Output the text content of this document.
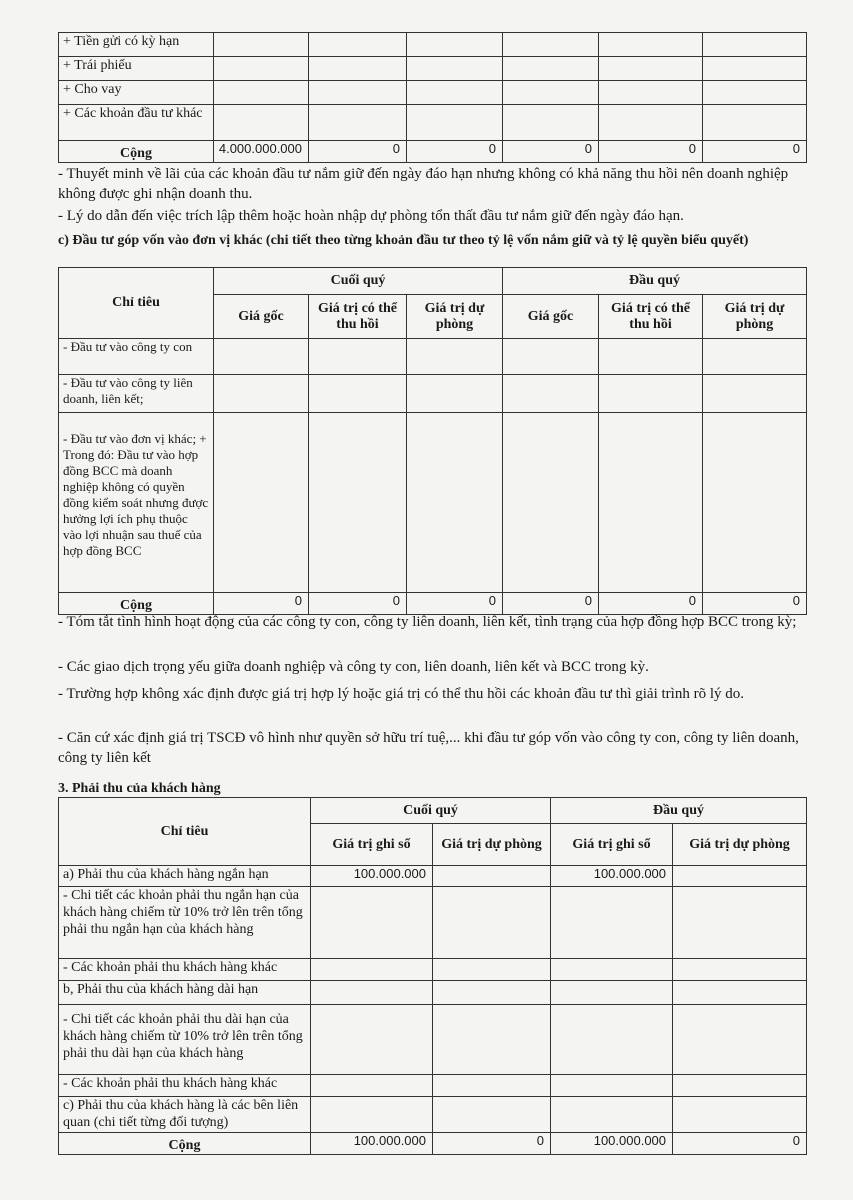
+ Tiền gửi có kỳ hạn						
+ Trái phiếu						
+ Cho vay						
+ Các khoản đầu tư khác						
Cộng	4.000.000.000	0	0	0	0	0

- Thuyết minh về lãi của các khoản đầu tư nắm giữ đến ngày đáo hạn nhưng không có khả năng thu hồi nên doanh nghiệp không được ghi nhận doanh thu.

- Lý do dẫn đến việc trích lập thêm hoặc hoàn nhập dự phòng tổn thất đầu tư nắm giữ đến ngày đáo hạn.

c) Đầu tư góp vốn vào đơn vị khác (chi tiết theo từng khoản đầu tư theo tỷ lệ vốn nắm giữ và tỷ lệ quyền biểu quyết)

Chỉ tiêu	Cuối quý			Đầu quý		
	Giá gốc	Giá trị có thể thu hồi	Giá trị dự phòng	Giá gốc	Giá trị có thể thu hồi	Giá trị dự phòng
- Đầu tư vào công ty con						
- Đầu tư vào công ty liên doanh, liên kết;						
- Đầu tư vào đơn vị khác; + Trong đó: Đầu tư vào hợp đồng BCC mà doanh nghiệp không có quyền đồng kiểm soát nhưng được hưởng lợi ích phụ thuộc vào lợi nhuận sau thuế của hợp đồng BCC						
Cộng	0	0	0	0	0	0

- Tóm tắt tình hình hoạt động của các công ty con, công ty liên doanh, liên kết, tình trạng của hợp đồng hợp BCC trong kỳ;

- Các giao dịch trọng yếu giữa doanh nghiệp và công ty con, liên doanh, liên kết và BCC trong kỳ.

- Trường hợp không xác định được giá trị hợp lý hoặc giá trị có thể thu hồi các khoản đầu tư thì giải trình rõ lý do.

- Căn cứ xác định giá trị TSCĐ vô hình như quyền sở hữu trí tuệ,... khi đầu tư góp vốn vào công ty con, công ty liên doanh, công ty liên kết

3. Phải thu của khách hàng

Chỉ tiêu	Cuối quý		Đầu quý	
	Giá trị ghi sổ	Giá trị dự phòng	Giá trị ghi sổ	Giá trị dự phòng
a) Phải thu của khách hàng ngắn hạn	100.000.000		100.000.000	
- Chi tiết các khoản phải thu ngắn hạn của khách hàng chiếm từ 10% trở lên trên tổng phải thu ngắn hạn của khách hàng				
- Các khoản phải thu khách hàng khác				
b, Phải thu của khách hàng dài hạn				
- Chi tiết các khoản phải thu dài hạn của khách hàng chiếm từ 10% trở lên trên tổng phải thu dài hạn của khách hàng				
- Các khoản phải thu khách hàng khác				
c) Phải thu của khách hàng là các bên liên quan (chi tiết từng đối tượng)				
Cộng	100.000.000	0	100.000.000	0
